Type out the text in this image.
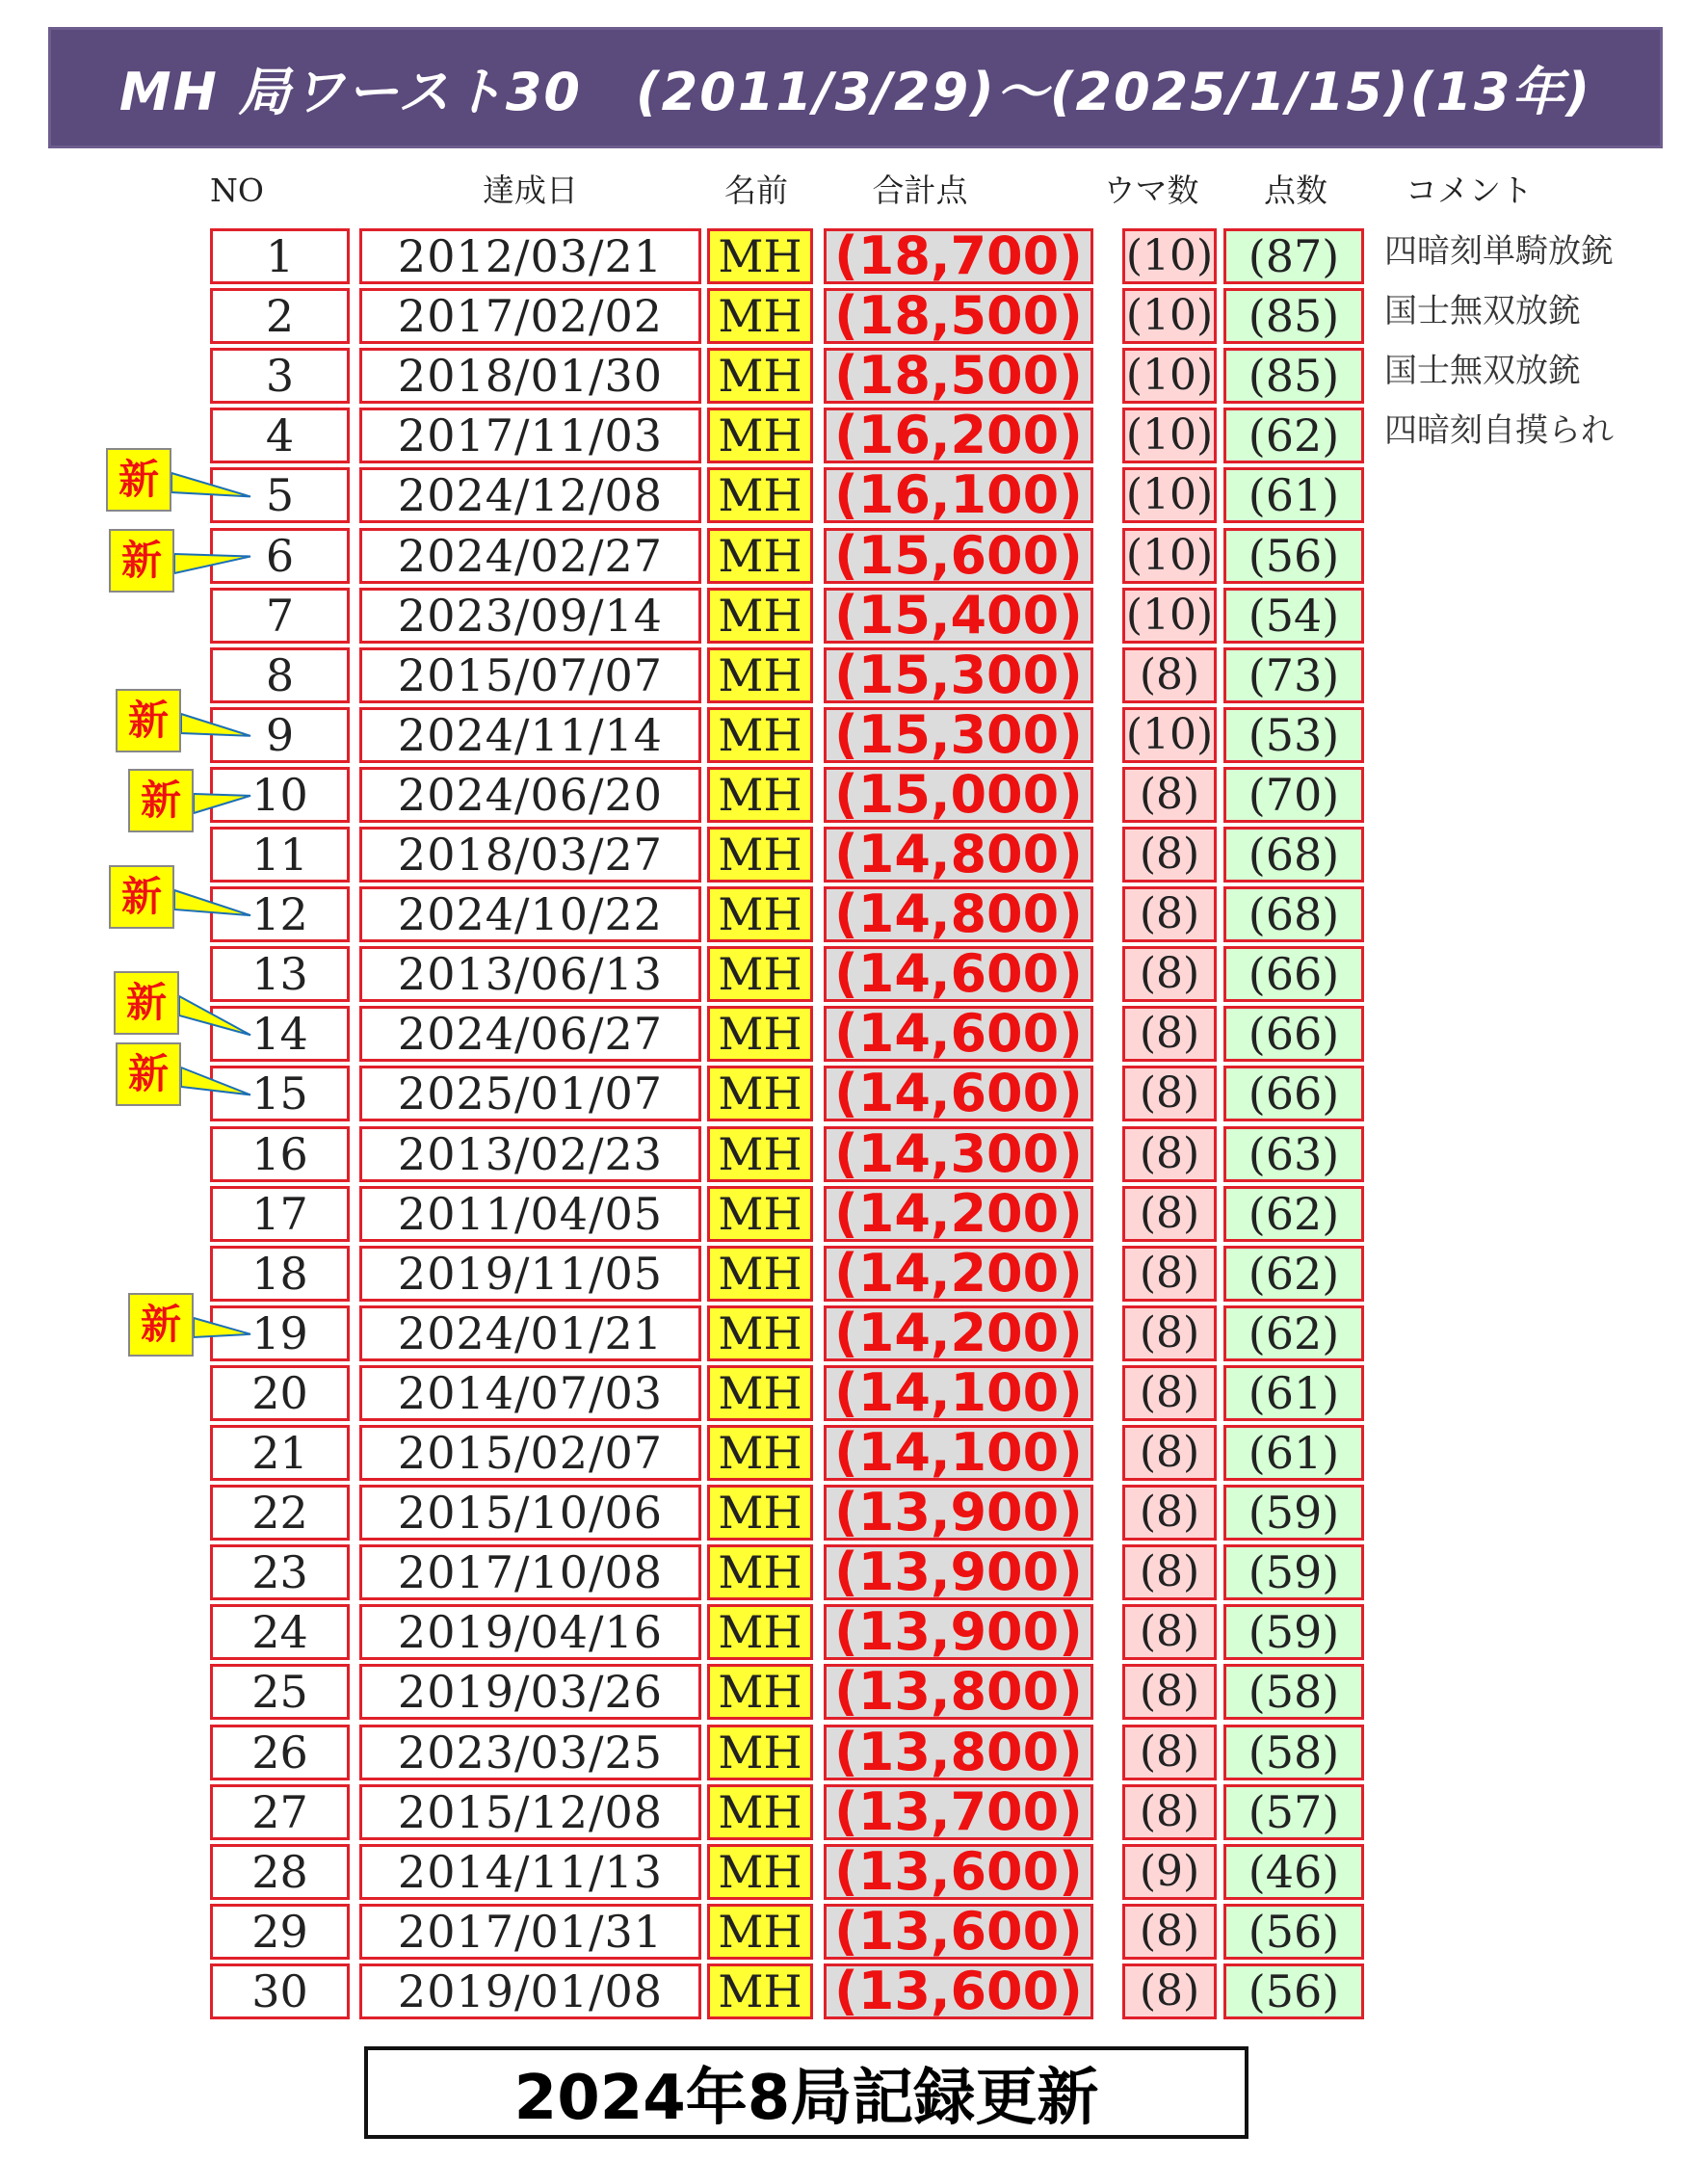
MH 局ワースト30　(2011/3/29)〜(2025/1/15)(13年)
NO	達成日	名前	合計点	ウマ数	点数	コメント
1	2012/03/21	MH (18,700) (10) (87)	四暗刻単騎放銃
2	2017/02/02	MH (18,500) (10) (85)	国士無双放銃
3	2018/01/30	MH (18,500) (10) (85)	国士無双放銃
4	2017/11/03	MH (16,200) (10) (62)	四暗刻自摸られ
5	2024/12/08	MH (16,100) (10) (61)
6	2024/02/27	MH (15,600) (10) (56)
7	2023/09/14	MH (15,400) (10) (54)
8	2015/07/07	MH (15,300)	(8)	(73)
9	2024/11/14	MH (15,300) (10) (53)
10	2024/06/20	MH (15,000)	(8)	(70)
11	2018/03/27	MH (14,800)	(8)	(68)
12	2024/10/22	MH (14,800)	(8)	(68)
13	2013/06/13	MH (14,600)	(8)	(66)
14	2024/06/27	MH (14,600)	(8)	(66)
15	2025/01/07	MH (14,600)	(8)	(66)
16	2013/02/23	MH (14,300)	(8)	(63)
17	2011/04/05	MH (14,200)	(8)	(62)
18	2019/11/05	MH (14,200)	(8)	(62)
19	2024/01/21	MH (14,200)	(8)	(62)
20	2014/07/03	MH (14,100)	(8)	(61)
21	2015/02/07	MH (14,100)	(8)	(61)
22	2015/10/06	MH (13,900)	(8)	(59)
23	2017/10/08	MH (13,900)	(8)	(59)
24	2019/04/16	MH (13,900)	(8)	(59)
25	2019/03/26	MH (13,800)	(8)	(58)
26	2023/03/25	MH (13,800)	(8)	(58)
27	2015/12/08	MH (13,700)	(8)	(57)
28	2014/11/13	MH (13,600)	(9)	(46)
29	2017/01/31	MH (13,600)	(8)	(56)
30	2019/01/08	MH (13,600)	(8)	(56)
新
新
新
新
新
新
新
新
2024年8局記録更新
